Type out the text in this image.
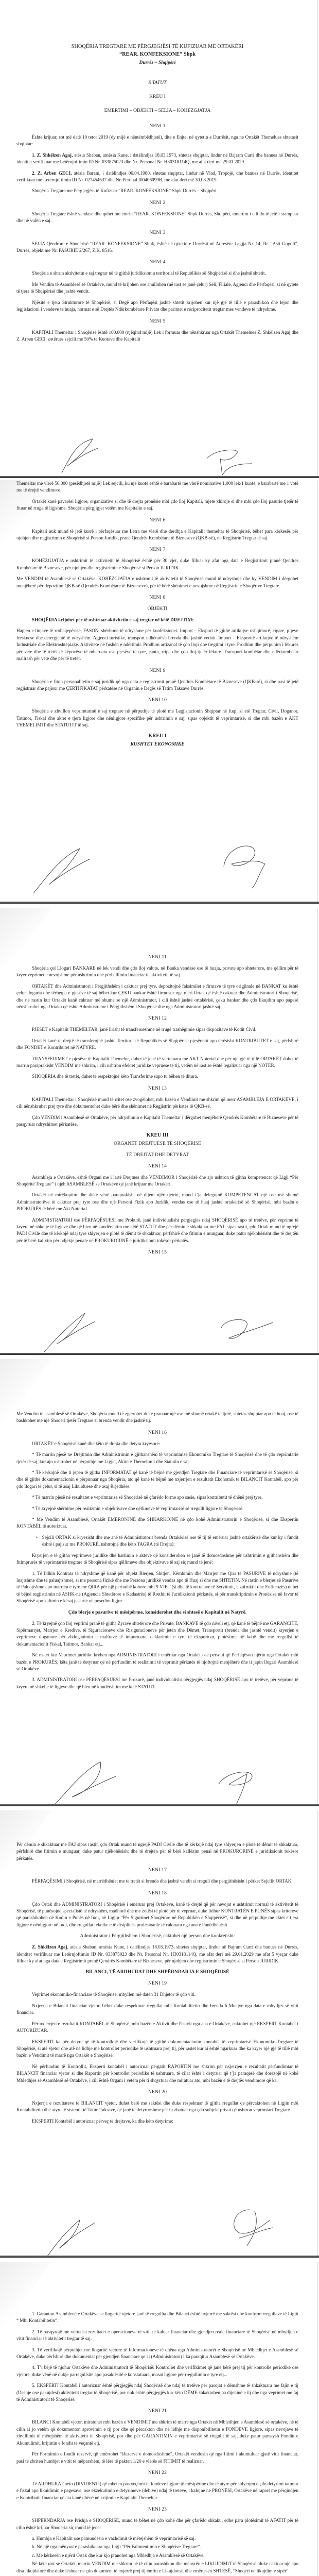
SHOQËRIA TREGTARE ME PËRGJEGJËSI TË KUFIZUAR ME ORTAKËRI
“REAR. KONFEKSIONE” Shpk
Durrës – Shqipëri
S TATUT
KREU I
EMËRTIMI – OBJEKTI – SELIA – KOHËZGJATJA
NENI 1
Është krijuar, sot më datë 10 tetor 2019 (dy mijë e nëntëmbëdhjetë), ditë e Enjte, në qytetin e Durrësit, nga ne Ortakët Themelues shtetasit shqiptar:
1. Z. Shkëlzen Agaj, atësia Shaban, amësia Kune, i datëlindjes 18.03.1973, shtetas shqiptar, lindur në Bajram Curri dhe banues në Durrës, identitet verifikuar me Letërnjoftimin ID Nr. 033875023 dhe Nr. Personal Nr. H30318114Q, me afat deri më 29.01.2029.
2. Z. Arben GECI, atësia Baram, i datëlindjes 06.04.1980, shtetas shqiptar, lindur në Vlad, Tropojë, dhe banues në Durrës, identitet verifikuar me Letërnjoftimin ID Nr. 027454637 dhe Nr. Peronal I00406099B, me afat deri më 30.08.2019.
Shoqëria Tregtare me Përgjegjësi të Kufizuar “REAR. KONFEKSIONE” Shpk Durrës – Shqipëri.
NENI 2
Shoqëria Tregtare është vendase dhe quhet me emrin “REAR. KONFEKSIONE” Shpk Durrës, Shqipëri, emërtim i cili do të jetë i stampuar dhe në vulën e saj.
NENI 3
SELIA Qëndrore e Shoqërisë “REAR. KONFEKSIONE” Shpk, është në qytetin e Durrësit në Adresën: Lagjja Nr. 14, Rr. “Asti Gogoli”, Durrës, objekt me Nr. PASURIE 2/267, Z.K. 8516.
NENI 4
Shoqëria e shtrin aktivitetin e saj tregtar në të gjithë juridiksionin territorial të Republikës së Shqipërisë si dhe jashtë shtetit.
Me Vendim të Asamblesë së Ortakëve, mund të krijohen ose anullohen (në rast se janë çelur) Seli, Filiale, Agjenci dhe Përfaqësi, si në qytete të tjera të Shqipërisë dhe jashtë vendit.
Njësitë e tjera Strukturore të Shoqërisë, si Degë apo Përfaqësi jashtë shtetit krijohen kur një gjë të tillë e parashikon dhe lejon dhe legjislacioni i vendeve të huaja, normat e së Drejtës Ndërkombëtare Private dhe parimet e reciprocitetit tregtar mes vendeve të ndryshme.
NENI 5
KAPITALI Themeltar i Shoqërisë është 100.000 (njëqind mijë) Lek i formuar dhe nënshkruar nga Ortakët Themelues Z. Shkëlzen Agaj dhe Z. Arben GECI, zotërues sejcili me 50% të Kuotave dhe Kapitalit
Themeltar me vlerë 50.000 (pesëdhjetë mijë) Lek sejcili, ku një kuotë është e barabartë me vlerë nominative 1.000 lek/1 kuotë, e barabartë me 1 votë me të drejtë vendimore.
Ortakët kanë pavarësi ligjore, organizative si dhe të drejta pronësie mbi çdo lloj Kapitali, mjete xhiroje si dhe mbi çdo lloj pasurie tjetër të fituar në rrugë të ligjshme. Shoqëria përgjigjet vetëm me Kapitalin e saj.
NENI 6
Kapitali nuk mund të jetë kurrë i përfaqësuar me Letra me vlerë dhe derdhja e Kapitalit themeltar të Shoqërisë, bëhet para kërkesës për njohjen dhe regjistrimin e Shoqërisë si Person Juridik, pranë Qendrës Kombëtare të Bizneseve (QKB-së), në Regjistrin Tregtar të saj.
NENI 7
KOHËZGJATJA e ushtrimit të aktivitetit të Shoqërisë është për 30 vjet, duke filluar ky afat nga data e Regjistrimit pranë Qendrës Kombëtare të Bizneseve, për njohjen dhe regjistrimin e Shoqërisë si Person JURIDIK.
Me VENDIM të Asamblesë së Ortakëve, KOHËZGJATJA e ushtrimit të aktivitetit të Shoqërisë mund të ndryshojë dhe ky VENDIM i dërgohet menjëherë për depozitim QKB-së (Qendrës Kombëtare të Bizneseve), për të bërë shënimet e nevojshme në Regjistrin e Shoqërive Tregtare.
NENI 8
OBJEKTI
SHOQËRIA krijohet për të ushtruar aktivitetin e saj tregtar në këtë DREJTIM:
Hapjen e linjave të rrobaqepësisë, FASON, shërbime të ndryshme për konfeksionet. Import – Eksport të gjithë artikujve ushqimorë, cigare, pijeve freskuese dhe detergjentë të ndryshëm. Agjenci turistike, transport udhëtarësh brenda dhe jashtë vednit. Import – Eksporttë artikujve të ndryshëm Industriale dhe Elektroshtëpiake. Aktivitete në fushën e ndërtimit. Prodhim artizanal të çdo lloji dhe tregtimi i tyre. Prodhim dhe përpunim i lëkurës për vete dhe të tretët të këpucëve të mbaruara ose pjesëve të tyre, çanta, rripa dhe çdo lloj tjetër lëkure. Transport kombëtar dhe ndërkombëtar mallrash për vete dhe për të tretët.
NENI 9
Shoqëria e fiton personalitetin e saj juridik që nga data e regjistrimit pranë Qendrës Kombëtare të Bizneseve (QKB-së), si dhe pasi të jetë regjistruar dhe pajisur me ÇERTIFIKATAT përkatëse në Organin e Degës së Tatim Taksave Durrës.
NENI 10
Shoqëria e zhvillon veprimtarinë e saj tregtare në përputhje të plotë me Legjislacionin Shqiptar në fuqi, si atë Tregtar, Civil, Doganor, Tatimor, Fiskal dhe aktet e tjera ligjore dhe nënligjore specifike për ushtrimin e saj, sipas objektit të veprimtarisë, si dhe mbi bazën e AKT THEMELIMIT dhe STATUTIT të saj.
KREU I
KUSHTET EKONOMIKE
NENI 11
Shoqëria çel Llogari BANKARE në lek vendi dhe çdo lloj valute, në Banka vendase ose të huaja, private apo shtetërore, me qëllim për të kryer veprimet e nevojshme për ushtrimin dhe përballimin financiar të aktivitetit të saj.
ORTAKËT dhe Administratori i Përgjithshëm i caktuar prej tyre, depozitojnë faksimilet e firmave të tyre origjinale në BANKAT ku është çelur llogaria dhe tërheqja e pjesëve të saj bëhet kur ÇEKU bankar është firmosur nga njëri Ortak që është caktuar dhe Administratori i Shoqërisë, dhe në rastin kur Ortakët kanë caktuar më shumë se një Administrator, i cili është jashtë ortakërisë, çeku bankar dhe çdo likujdim apo pagesë nënshkruhet nga Ortaku që është Administrator i Përgjithshëm i Shoqërisë dhe nga Administratori jashtë saj.
NENI 12
PJESËT e Kapitalit THEMELTAR, janë lirisht të transferueshme në rrugë trashëgimie sipas dispozitave të Kodit Civil.
Ortakët kanë të drejtë të transferojnë jashtë Territorit të Republikës së Shqipërisë pjesërisht apo tërësisht KONTRIBUTET e saj, përfshirë dhe FONDET e Kontributet në NATYRË.
TRANSFERIMET e pjesëve të Kapitalit Themelor, duhet të jenë të vërtetuara me AKT Noterial dhe për një gjë të tillë ORTAKËT duhet të marrin paraprakisht VENDIM me shkrim, i cili ushtron efektet juridike vepruese të tij, vetëm në rast se është legalizuar nga një NOTER.
SHOQËRIA dhe të tretët, duhet të respektojnë këto Transferime sapo tu bëhen të ditura.
NENI 13
KAPITALI Themeltar i Shoqërisë mund të rritet ose zvogëlohet, mbi bazën e Vendimit me shkrim që merr ASAMBLEJA E ORTAKËVE, i cili nënshkruhet prej tyre dhe dokumentohet duke bërë dhe shënimet në Regjistrin përkatës të QKB-së.
Çdo VENDIM i Asamblesë së Ortakëve, për ndryshimin e Kapitalit Themeltar i dërgohet menjëherë Qendrës Kombëtare të Bizneseve për të pasqyruar ndryshimet përkatëse.
KREU III
ORGANET DREJTUESE TË SHOQËRISË
TË DREJTAT DHE DETYRAT
NENI 14
Asambleja e Ortakëve, është Organi me i lartë Drejtues dhe VENDIMOR i Shoqërisë dhe ajo ushtron të gjitha kompetencat që Ligji “Për Shoqëritë Tregtare” i njeh ASAMBLESË së Ortakëve që janë krijuar me Ortakëri.
Ortakët në mirëkuptim dhe duke vënë paraprakisht në dijeni njëri-tjetrin, mund t’ja delegojnë KOMPETENCAT një ose më shumë Administratorëve të caktuar prej tyre ose dhe një Personi Fizik apo Juridik, vendas ose të huaj jashtë ortakërisë së Shoqërisë, mbi bazën e PROKURËS të bërë me Akt Noterial.
ADMINISTRATORI ose PËRFAQËSUESI me Prokurë, janë individualisht përgjegjës ndaj SHOQËRISË apo të tretëve, për veprime të kryera në shkelje të ligjeve dhe që bien në kundërshtim me këtë STATUT dhe për dëmin e shkaktuar me FAJ, sipas rastit, çdo Ortak mund të ngrejë PADI Civile dhe të kërkojë ndaj tyre shlyerjen e plotë të dëmit të shkaktuar, përfshirë dhe fitimin e munguar, duke patur njëkohësisht dhe të drejtën për të bërë kallxim për ndjekje penale në PROKURORINË e juridiksionit tokësor përkatës.
NENI 15
Me Vendim të asamblesë së Ortakëve, Shoqëria mund të zgjerohet duke pranuar një ose më shumë ortakë të tjerë, shtetas shqiptar apo të huaj, ose të bashkohet me një Shoqëri tjetër Tregtare si brenda vendit dhe jashtë tij.
NENI 16
ORTAKËT e Shoqërisë kanë dhe këto të drejta dhe detyra kryesore:
* Të marrin pjesë ne Drejtimin dhe Administrimin e gjithanshëm të veprimtarisë Ekonomiko Tregtare të Shoqërisë dhe të çdo veprimtarie tjetër të saj, kur ajo ushtrohet në përputhje me Ligjet, Aktin e Themelimit dhe Statutin e saj.
* Të kërkojnë dhe ti jepen të gjitha INFORMATAT që kanë të bëjnë me gjendjen Tregtare dhe Financiare të veprimtarisë së Shoqërisë, si dhe të gjithë dokumentacionin e përpunuar nga Shoqëria, ato që kanë të bëjnë me nxjerrjen e rezultatit Ekonomik të BILANCIT Kontabël, apo për çdo llogari të çelur, si të asaj Likuiduese dhe asaj Rrjedhëse.
* Të marrin pjesë në rezultatet e veprimtarisë së Shoqërisë në çfarëdo forme apo sasie, sipas kontributit të dhënë prej tyre.
* Të kryejnë shërbime për realizmin e objektivave dhe qëllimeve të veprimtarisë së rregullt ligjore të Shoqërisë.
* Me Vendim të Asamblesë, Ortakët EMËRONJNË dhe SHKARKOJNË në çdo kohë Administratorin e Shoqërisë, si dhe Ekspertin KONTABËL të autorizuar.
•   Sejcili ORTAK si kryesisht dhe me anë të Administratorit brenda Ortakërisë ose të tij të emëruar jashtë ortakërisë dhe kur ky i fundit është i pajisur me PROKURË, ushtrojnë dhe këto TAGRA (të Drejta):
Kryerjen e të gjitha veprimeve juridike dhe hartimin e akteve që konsiderohen se janë të domosdoshme për ushtrimin e gjithanshëm dhe fitimprurës të veprimtarisë tregtare të Shoqërisë sipas qëllimeve dhe objektivave të saj siç mund të jenë:
1. Të lidhin Kontrata të ndryshme që kanë për objekt Blerjen, Shitjen, Këmbimin dhe Marrjen me Qira të PASURIVE të ndryshme (të luajtshme dhe të paluajtshme), si me persona fizikë dhe me Persona juridikë vendas apo të Huaj si dhe me SHTETIN. Në rastin e blerjes së Pasurive të Paluajtshme apo marrjen e tyre me QIRA për një periudhë kohore mbi 9 VJET (si dhe të kontratave të Servitutit, Uzufruktit dhe Enfiteozës) duhet të bëjnë regjistrimin në ASHK-në (Agjencia Shtetërore e Kadastrës) të Rrethit të Juridiksionit përkatës, si për transkriptimin e Pronësisë në favor të Shoqërisë apo kalimin e kësaj pasurie në posedim ligjor.
Çdo blerje e pasurive të mësipërme, konsiderohet dhe si shtesë e Kapitalit në Natyrë.
2. Të kryejnë çdo lloj veprimi pranë të gjitha Zyrave shtetërore dhe Private, BANKAVE të çdo niveli etj, që kanë të bëjnë me GARANCITË, Sipërmarrjet, Marrjen e Kredive, të Siguracioneve dhe Risiguracioneve për jetën dhe Dëmet, Transportit (brenda dhe jashtë vendit) kryerjen e veprimeve doganore për zhdoganimin e mallrave të importuara, deklarimin e tyre të eksportuar, plotësimit në kohë dhe me rregullsi të dokumentacionit Fiskal, Tatimor, Bankar etj...
Në rastet kur Veprimet juridike kryhen nga ADMINISTRATORI i emëruar nga Ortakët ose personi që Përfaqëson njërin nga Ortakët mbi bazën e PROKURËS, këta janë të detyruar që në përfundim të realizimit të veprimit përkatës të njoftojnë menjëherë dhe ti japin llogari Asamblesë së Ortakëve.
3. ADMINISTRATORI ose PËRFAQËSUESI me Prokurë, janë individualisht përgjegjës ndaj SHOQËRISË apo të tretëve, për veprime të kryera në shkelje të ligjeve dhe që bien në kundërshtim me këtë STATUT.
Për dëmin e shkaktuar me FAJ sipas rastit, çdo Ortak mund të ngrejë PADI Civile dhe të kërkojë ndaj tyre shlyerjen e plotë të dëmit të shkaktuar, përfshirë dhe fitimin e munguar, duke patur njëkohësisht dhe të drejtën për të bërë kallëzim penal në PROKURORINË e juridiksionit tokësor përkatës.
NENI 17
PËRFAQËSIMI i Shoqërisë, në marrëdhëniet me të tretët si brenda dhe jashtë vendit si rregull dhe përgjithësisht i përket Sejcilit ORTAK.
NENI 18
Çdo Ortak dhe ADMINISTRATORI i Shoqërisë i emëruar prej Ortakëve, kanë të drejtë që për nevojat e ushtrimit normal të aktivitetit të Shoqërisë, të punësojnë specialistë të ndryshëm, madhorë dhe me zotësi të plotë për të vepruar, duke lidhur KONTRATËN E PUNËS sipas kritereve që parashikohen në Kodin e Punës në fuqi, në Ligjin “Për Sigurimet Shoqërore në Republikën e Shqipërisë”, si dhe në përputhje me aktet e tjera ligjore e nënligjore në fuqi, dhe rregullat teknike e të disiplinës profesioanle të caktuara nga ana e Punëdhënësit.
Administrator i Përgjithshëm i Shoqërisë, caktohet një person dhe konkretisht:
Z. Shkëlzen Agaj, atësia Shaban, amësia Kune, i datëlindjes 18.03.1973, shtetas shqiptar, lindur në Bajram Curri dhe banues në Durrës, identitet verifikuar me Letërnjoftimin ID Nr. 033875023 dhe Nr. Personal Nr. H30318114Q, me afat deri më 29.01.2029 me afat 5 vjeçar duke filluar ky afat nga data e Regjistrimit pranë Qendrës Kombëtare të Bizneseve, për njohjen dhe regjistrimin e Shoqërisë si Person JURIDIK.
BILANCI, TË ARDHURAT DHE SHPËRNDARJA E SHOQËRISË
NENI 19
Veprimet ekonomiko-financiare të Shoqërisë, mbyllen më datën 31 Dhjetor të çdo viti.
Nxjerrja e Bilancit financiar vjetor, bëhet duke respektuar rregullat mbi Kontabilitetin dhe brenda 6 Muajve nga data e mbylljes së vitit financiar.
Për nxjerrjen e rezultatit KONTABËL të Shoqërisë, mbi bazën e Aktivit dhe Pasivit nga ana e Ortakëve, caktohet një EKSPERT Kontabël i AUTORIZUAR.
EKSPERTI ka për detyrë që të kontrollojë dhe verifikojë të gjithë dokumentacionin kontabël të veprimtarisë Ekonomiko-Tregtare të Shoqërisë, si atë vjetor dhe atë në lidhje me kontrollet periodike të ushtruara prej tij, për rastet kur ai është ngarkuar dhe ka kryer një gjë të tillë mbi bazën e Vendimit të marrë nga Ortakët e Shoqërisë.
Në përfundim të Kontrollit, Eksperti kontabël i autorizuar përgatit RAPORTIN me shkrim për nxjerrjen e rezultatit përfundimtar të BILANCIT financiar vjetor si dhe Raportin për kontrollet periodike të ushtruara, të cilat është i detyruar që t’ja paraqesë dhe dorëzojë në kohë Mbledhjes së Asamblesë së Ortakëve, i cili është Organi i vetëm për ti shqyrtuar dhe miratuar ato, mbi bazën e të drejtës vendimore që ka.
NENI 20
Nxjerrja e rezultateve të BILANCIT vjetor, duhet bërë me saktësi dhe duke respektuar të gjitha rregullat që përcaktohen në Ligjin mbi Kontabilitetin dhe atyre të sistemit të Tatim Taksave, që janë të detyrueshme për tu zbatuar nga çdo subjekt privat që ushtron veprimtari Tregtare.
EKSPERTI Kontabël i autorizuar përveç të drejtave, ka dhe këto detyrime:
1. Garanton Asamblenë e Ortakëve se llogaritë vjetore janë të rregullta dhe Bilanci është nxjerrë me saktësi dhe konform rregullave të Ligjit “ Mbi Kontabilitetin”.
2. Të pasqyrojë me vërtetësi rezultatet e operacioneve të vitit të kaluar financiar dhe gjendjen reale financiare të Shoqërisë në mbylljen e vitit financiar të aktivitetit tregtar të saj.
3. Të verifikojë përputhjet me llogaritë vjetore të Informacioneve të dhëna nga Administratorët e Shoqërisë ne Mbledhjet e Asamblesë së Ortakëve, duke përfshirë dhe dokumentat për gjendjen financiare qe ai (Administratori) i ka paraqitur Asamblesë së Ortakëve.
4. T’i bëjë të njohur Ortakëve dhe Administratorit të Shoqërisë: Kontrollet dhe verifikimet që janë bërë prej tij për kontrolle periodike ose vjetore, duke vënë në dukje parregullsitë apo pasaktësitë e konstatuara, masat ligjore për rregullimin e tyre etj...
5. EKSPERTI Kontabël i autorizuar është përgjegjës ndaj Shoqërisë dhe ndaj të tretëve për pasojat e dëmshme të shkaktuara me fajin e tij (Dashje ose pakujdesi) aktivitetit tregtar të Shoqërisë, por nuk është përgjegjës kur këto DËME shkaktohen pa dijeninë e tij dhe nga veprimet me faj të Administratorit të Shoqerisë.
NENI 21
BILANCI Kontabël vjetor, miratohet mbi bazën e VENDIMIT me shkrim të marrë nga Ortakët në Mbledhjen e Asamblesë së ortakëve, në të cilin ai jo vetëm që dokumenton aprovimin e tij por dhe që përcakton dhe në lidhje me disponibilitetin e FONDEVE ligjore, sipas nevojave të zhvillimit të mëtejshëm të aktivitetit të Shoqërisë, por dhe për GARANTIMIN e veprimtarisë së rregullt të saj, duke patur parasysh Fondin e Akumulimit, krijimin e fondit të veçantë etj.
Për Formimin e fondit rezervë, që emërtohet “Rezervë e domosdoshme”, Ortakët vendosin që nga fitimi i akumuluar gjatë vitit financiar, pasi të zbriten humbjet e vitit të mëparshëm, të lërë të paktën 1/20 e vlerës së FITIMIT të realizuar.
NENI 22
Të ARDHURAT neto (DIVIDENTI) që mbeten pas veçimit të fondeve ligjore të mësipërme dhe të atyre për shlyerjen e çdo detyrimi tatimor e fiskal apo likuidimin e pagesave, ose ekzekutimin e detyrimeve (debive) ndaj të treteve, i kalojne ne PRONËSI, Ortakëve në raport me përqindjen e Kontributit financiar që ata kanë dhënë në krijimin e Kapitalit Themeltar.
NENI 23
SHPËRNDARJA ose Prishja e SHOQËRISË, mund të bëhet në çdo kohë dhe për çfarëdo shkaku, edhe para plotësimit të AFATIT për të cilin është krijuar Shoqëria siç mund të jenë:
a. Humbja e Kapitalit ose pamundësia e vazhdimit të mëtejshëm të veprimtarisë së saj.
b. Në një nga mënyrat e parashikuara nga Ligji “Për Falimentimin e Shoqërive Tregtare”.
c. Me kërkesën e njërit Ortak dhe kur kjo pranohet nga Mbledhja e Asamblesë së Ortakëve.
Në këtë rast se Ortakët, marrin VENDIM me shkrim në të cilin parashikon dhe mënyrën e LIKUJDIMIT të Shoqërisë, duke caktuar një apo disa likujdatorë dhe duke lëshuar në çdo dokument të nxjerrë prej tij emrin e Likujduesit dhe emërtesën SHTESË, “Shoqëri në likujdim e sipër”.
